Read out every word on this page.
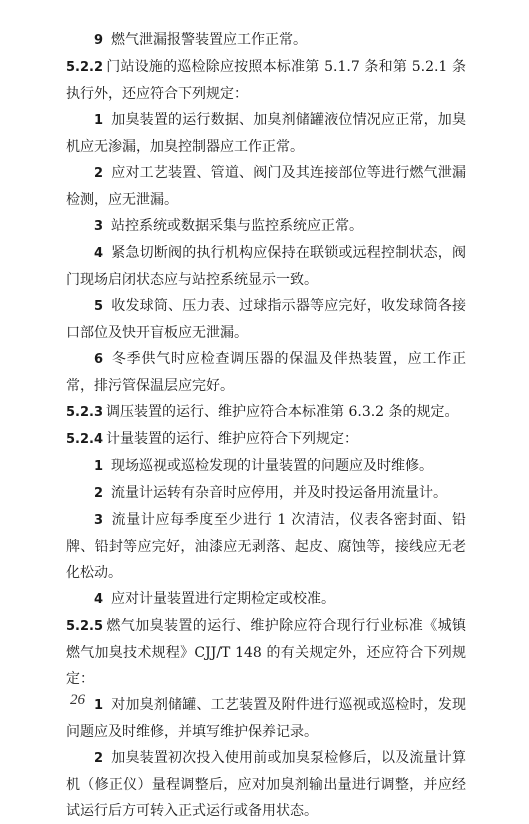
9 燃气泄漏报警装置应工作正常。

5.2.2 门站设施的巡检除应按照本标准第 5.1.7 条和第 5.2.1 条执行外，还应符合下列规定：

1 加臭装置的运行数据、加臭剂储罐液位情况应正常，加臭机应无渗漏，加臭控制器应工作正常。

2 应对工艺装置、管道、阀门及其连接部位等进行燃气泄漏检测，应无泄漏。

3 站控系统或数据采集与监控系统应正常。

4 紧急切断阀的执行机构应保持在联锁或远程控制状态，阀门现场启闭状态应与站控系统显示一致。

5 收发球筒、压力表、过球指示器等应完好，收发球筒各接口部位及快开盲板应无泄漏。

6 冬季供气时应检查调压器的保温及伴热装置，应工作正常，排污管保温层应完好。

5.2.3 调压装置的运行、维护应符合本标准第 6.3.2 条的规定。

5.2.4 计量装置的运行、维护应符合下列规定：

1 现场巡视或巡检发现的计量装置的问题应及时维修。

2 流量计运转有杂音时应停用，并及时投运备用流量计。

3 流量计应每季度至少进行 1 次清洁，仪表各密封面、铅牌、铅封等应完好，油漆应无剥落、起皮、腐蚀等，接线应无老化松动。

4 应对计量装置进行定期检定或校准。

5.2.5 燃气加臭装置的运行、维护除应符合现行行业标准《城镇燃气加臭技术规程》CJJ/T 148 的有关规定外，还应符合下列规定：

1 对加臭剂储罐、工艺装置及附件进行巡视或巡检时，发现问题应及时维修，并填写维护保养记录。

2 加臭装置初次投入使用前或加臭泵检修后，以及流量计算机（修正仪）量程调整后，应对加臭剂输出量进行调整，并应经试运行后方可转入正式运行或备用状态。

26
